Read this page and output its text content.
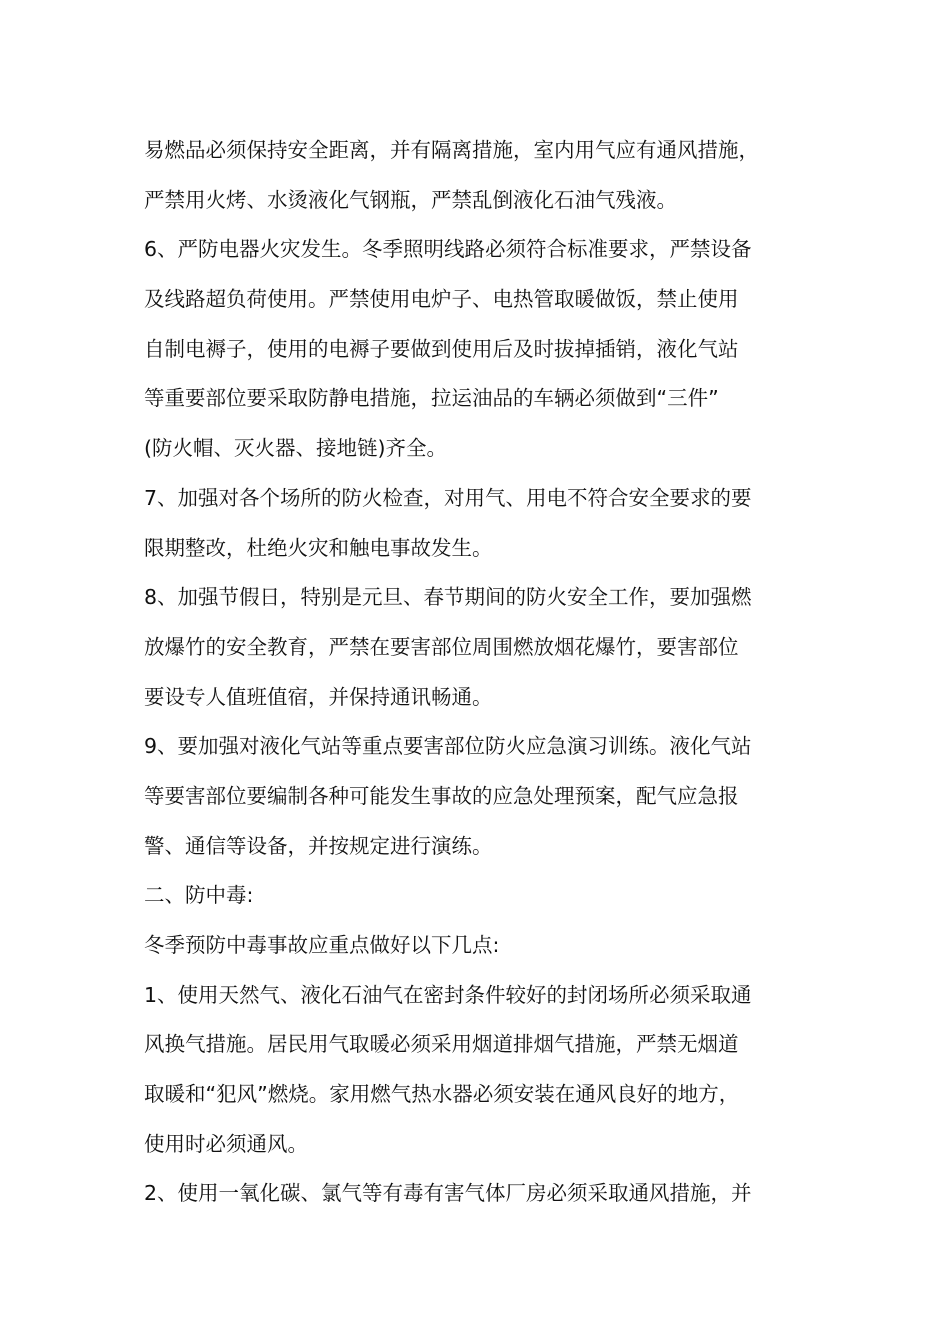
易燃品必须保持安全距离，并有隔离措施，室内用气应有通风措施，
严禁用火烤、水烫液化气钢瓶，严禁乱倒液化石油气残液。
6、严防电器火灾发生。冬季照明线路必须符合标准要求，严禁设备
及线路超负荷使用。严禁使用电炉子、电热管取暖做饭，禁止使用
自制电褥子，使用的电褥子要做到使用后及时拔掉插销，液化气站
等重要部位要采取防静电措施，拉运油品的车辆必须做到“三件”
(防火帽、灭火器、接地链)齐全。
7、加强对各个场所的防火检查，对用气、用电不符合安全要求的要
限期整改，杜绝火灾和触电事故发生。
8、加强节假日，特别是元旦、春节期间的防火安全工作，要加强燃
放爆竹的安全教育，严禁在要害部位周围燃放烟花爆竹，要害部位
要设专人值班值宿，并保持通讯畅通。
9、要加强对液化气站等重点要害部位防火应急演习训练。液化气站
等要害部位要编制各种可能发生事故的应急处理预案，配气应急报
警、通信等设备，并按规定进行演练。
二、防中毒:
冬季预防中毒事故应重点做好以下几点:
1、使用天然气、液化石油气在密封条件较好的封闭场所必须采取通
风换气措施。居民用气取暖必须采用烟道排烟气措施，严禁无烟道
取暖和“犯风”燃烧。家用燃气热水器必须安装在通风良好的地方，
使用时必须通风。
2、使用一氧化碳、氯气等有毒有害气体厂房必须采取通风措施，并
